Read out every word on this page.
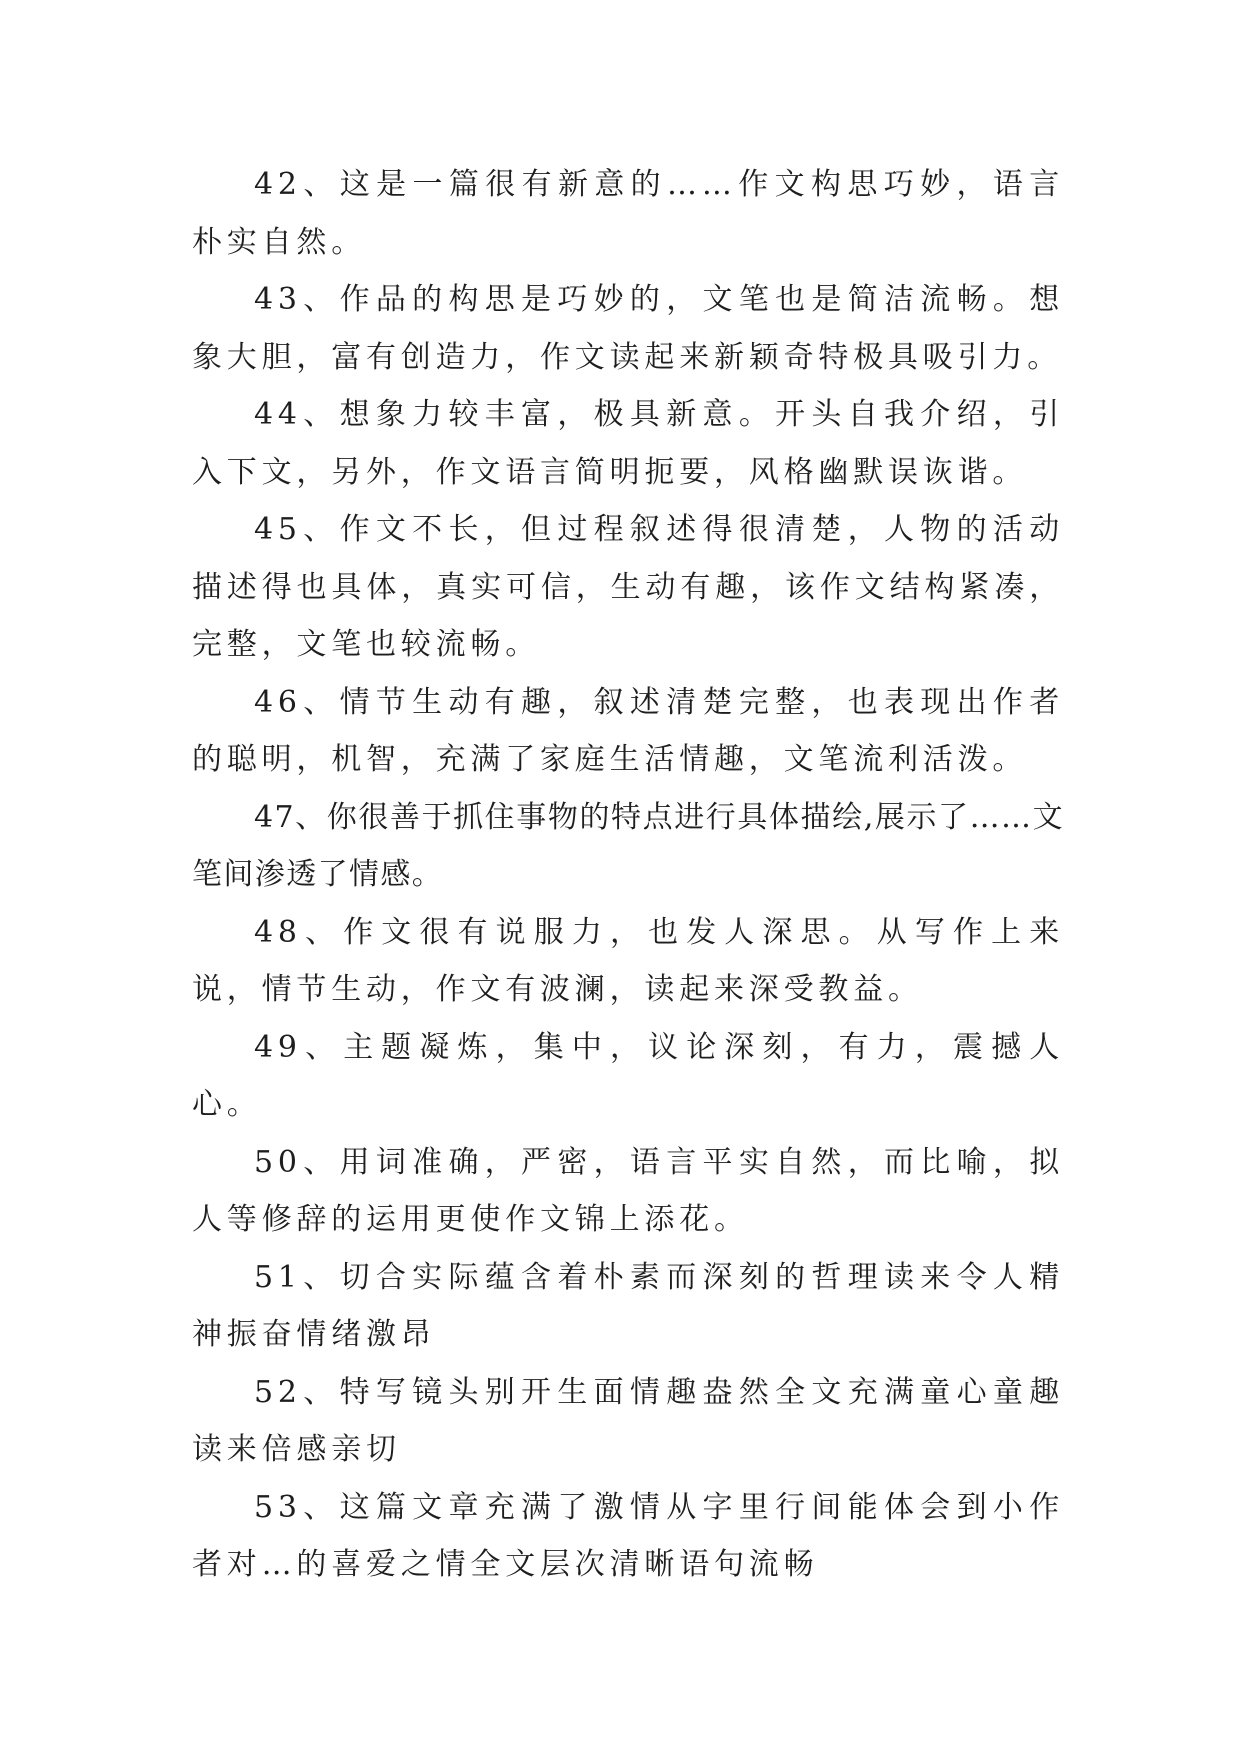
42、这是一篇很有新意的……作文构思巧妙，语言朴实自然。

43、作品的构思是巧妙的，文笔也是简洁流畅。想象大胆，富有创造力，作文读起来新颖奇特极具吸引力。

44、想象力较丰富，极具新意。开头自我介绍，引入下文，另外，作文语言简明扼要，风格幽默误诙谐。

45、作文不长，但过程叙述得很清楚，人物的活动描述得也具体，真实可信，生动有趣，该作文结构紧凑，完整，文笔也较流畅。

46、情节生动有趣，叙述清楚完整，也表现出作者的聪明，机智，充满了家庭生活情趣，文笔流利活泼。

47、你很善于抓住事物的特点进行具体描绘,展示了……文笔间渗透了情感。

48、作文很有说服力，也发人深思。从写作上来说，情节生动，作文有波澜，读起来深受教益。

49、主题凝炼，集中，议论深刻，有力，震撼人心。

50、用词准确，严密，语言平实自然，而比喻，拟人等修辞的运用更使作文锦上添花。

51、切合实际蕴含着朴素而深刻的哲理读来令人精神振奋情绪激昂

52、特写镜头别开生面情趣盎然全文充满童心童趣读来倍感亲切

53、这篇文章充满了激情从字里行间能体会到小作者对…的喜爱之情全文层次清晰语句流畅
